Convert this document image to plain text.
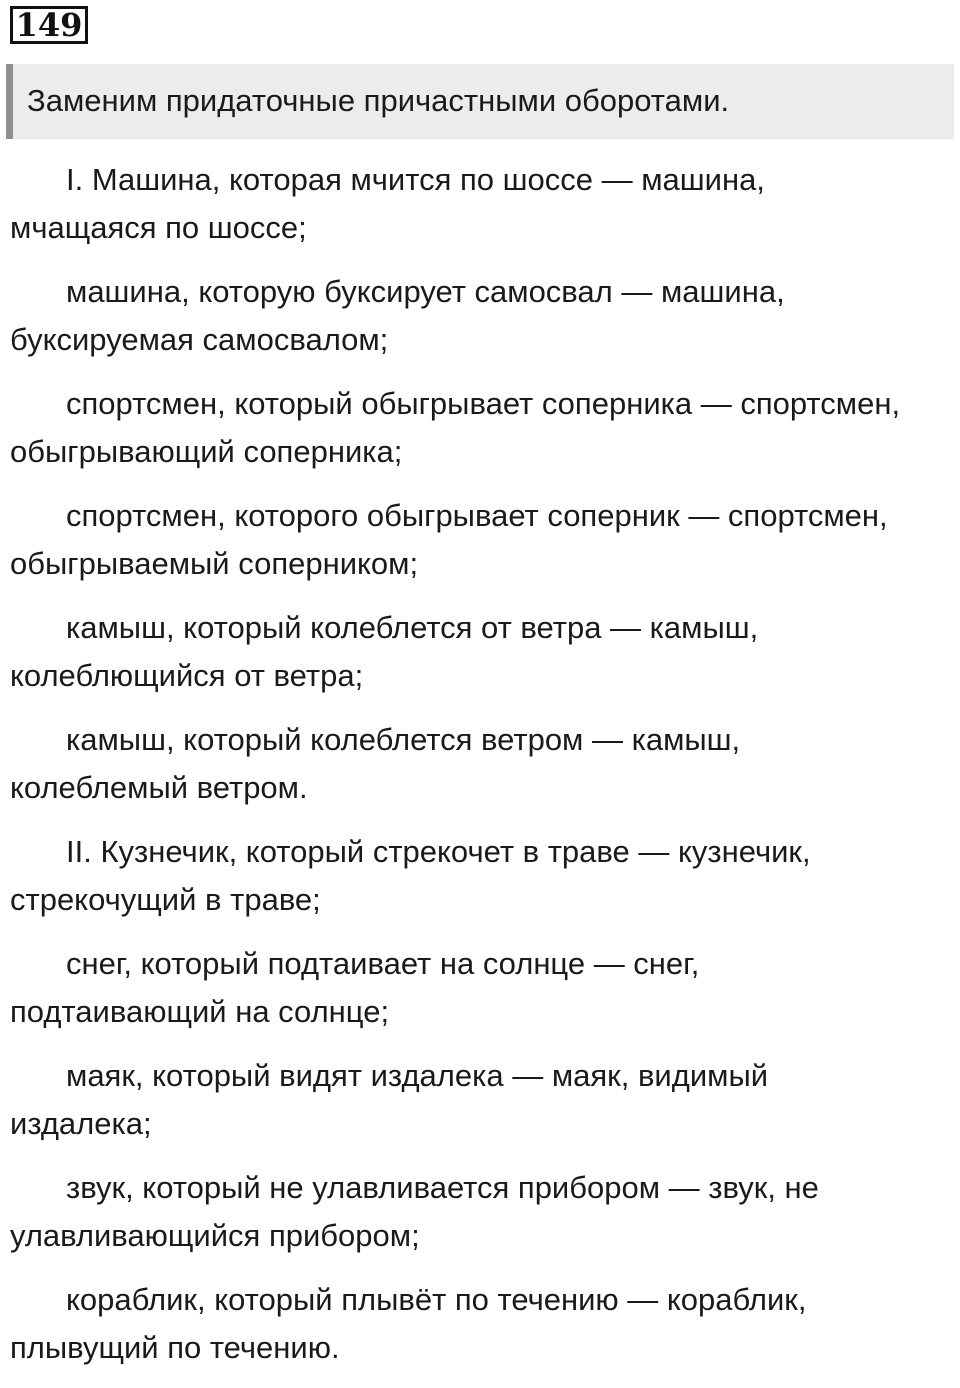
149
Заменим придаточные причастными оборотами.

I. Машина, которая мчится по шоссе — машина, мчащаяся по шоссе;

машина, которую буксирует самосвал — машина, буксируемая самосвалом;

спортсмен, который обыгрывает соперника — спортсмен, обыгрывающий соперника;

спортсмен, которого обыгрывает соперник — спортсмен, обыгрываемый соперником;

камыш, который колеблется от ветра — камыш, колеблющийся от ветра;

камыш, который колеблется ветром — камыш, колеблемый ветром.

II. Кузнечик, который стрекочет в траве — кузнечик, стрекочущий в траве;

снег, который подтаивает на солнце — снег, подтаивающий на солнце;

маяк, который видят издалека — маяк, видимый издалека;

звук, который не улавливается прибором — звук, не улавливающийся прибором;

кораблик, который плывёт по течению — кораблик, плывущий по течению.
